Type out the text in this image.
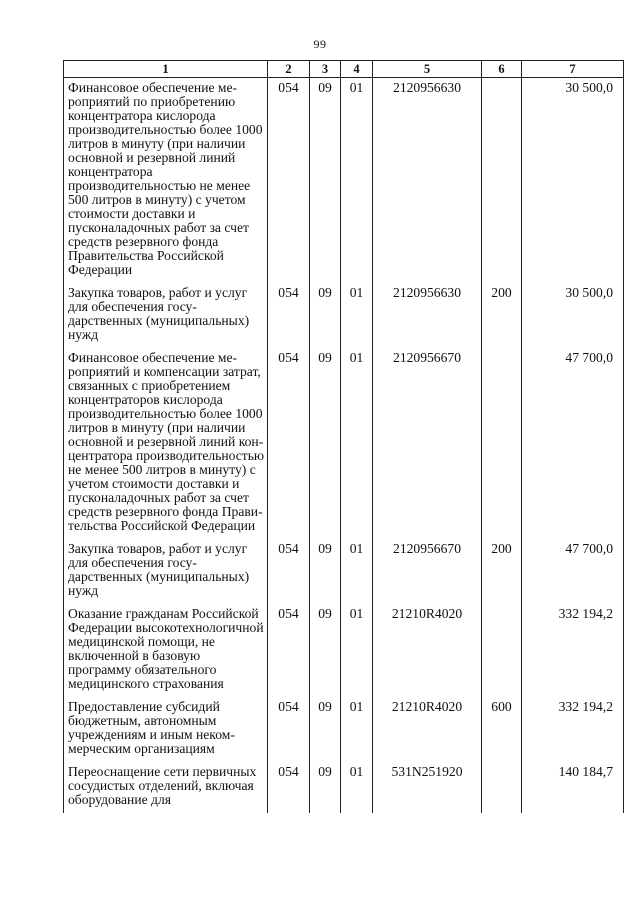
99
1	2	3	4	5	6	7
Финансовое обеспечение мероприятий по приобретению концентратора кислорода производительностью более 1000 литров в минуту (при наличии основной и резервной линий концентратора производительностью не менее 500 литров в минуту) с учетом стоимости доставки и пусконаладочных работ за счет средств резервного фонда Правительства Российской Федерации	054	09	01	2120956630		30 500,0
Закупка товаров, работ и услуг для обеспечения государственных (муниципальных) нужд	054	09	01	2120956630	200	30 500,0
Финансовое обеспечение мероприятий и компенсации затрат, связанных с приобретением концентраторов кислорода производительностью более 1000 литров в минуту (при наличии основной и резервной линий концентратора производительностью не менее 500 литров в минуту) с учетом стоимости доставки и пусконаладочных работ за счет средств резервного фонда Правительства Российской Федерации	054	09	01	2120956670		47 700,0
Закупка товаров, работ и услуг для обеспечения государственных (муниципальных) нужд	054	09	01	2120956670	200	47 700,0
Оказание гражданам Российской Федерации высокотехнологичной медицинской помощи, не включенной в базовую программу обязательного медицинского страхования	054	09	01	21210R4020		332 194,2
Предоставление субсидий бюджетным, автономным учреждениям и иным некоммерческим организациям	054	09	01	21210R4020	600	332 194,2
Переоснащение сети первичных сосудистых отделений, включая оборудование для	054	09	01	531N251920		140 184,7
